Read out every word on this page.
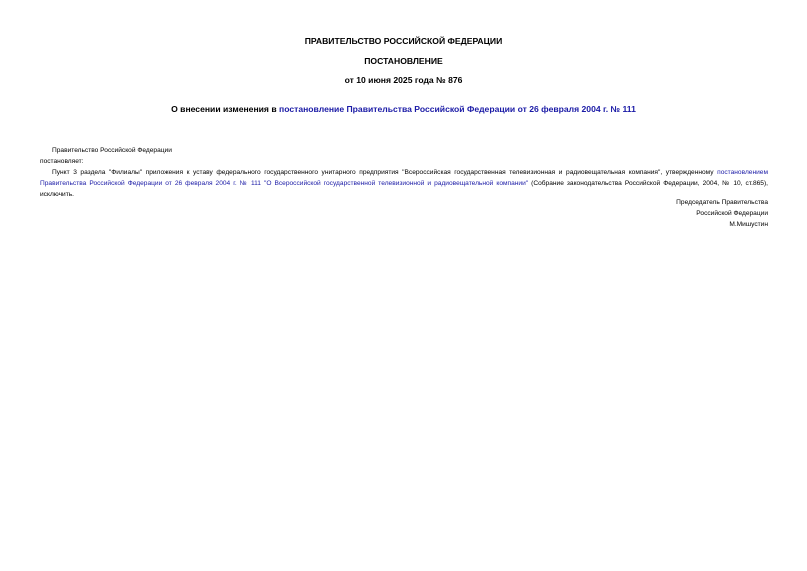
ПРАВИТЕЛЬСТВО РОССИЙСКОЙ ФЕДЕРАЦИИ
ПОСТАНОВЛЕНИЕ
от 10 июня 2025 года № 876
О внесении изменения в постановление Правительства Российской Федерации от 26 февраля 2004 г. № 111
Правительство Российской Федерации
постановляет:
Пункт 3 раздела "Филиалы" приложения к уставу федерального государственного унитарного предприятия "Всероссийская государственная телевизионная и радиовещательная компания", утвержденному постановлением Правительства Российской Федерации от 26 февраля 2004 г. № 111 "О Всероссийской государственной телевизионной и радиовещательной компании" (Собрание законодательства Российской Федерации, 2004, № 10, ст.865), исключить.
Председатель Правительства
Российской Федерации
М.Мишустин
